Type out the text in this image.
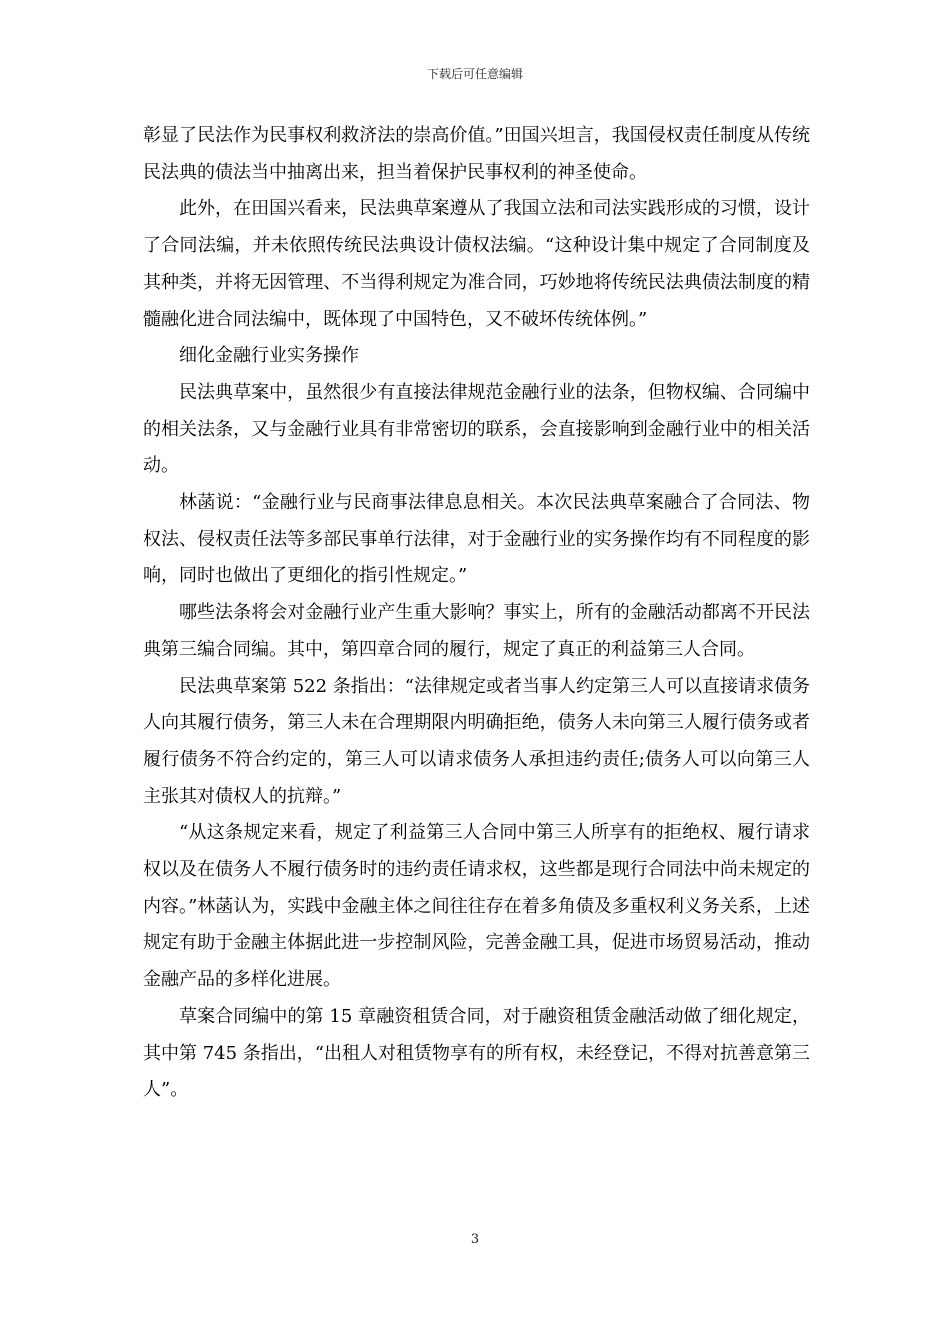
下载后可任意编辑

彰显了民法作为民事权利救济法的崇高价值。”田国兴坦言，我国侵权责任制度从传统民法典的债法当中抽离出来，担当着保护民事权利的神圣使命。

此外，在田国兴看来，民法典草案遵从了我国立法和司法实践形成的习惯，设计了合同法编，并未依照传统民法典设计债权法编。“这种设计集中规定了合同制度及其种类，并将无因管理、不当得利规定为准合同，巧妙地将传统民法典债法制度的精髓融化进合同法编中，既体现了中国特色，又不破坏传统体例。”

细化金融行业实务操作

民法典草案中，虽然很少有直接法律规范金融行业的法条，但物权编、合同编中的相关法条，又与金融行业具有非常密切的联系，会直接影响到金融行业中的相关活动。

林菡说：“金融行业与民商事法律息息相关。本次民法典草案融合了合同法、物权法、侵权责任法等多部民事单行法律，对于金融行业的实务操作均有不同程度的影响，同时也做出了更细化的指引性规定。”

哪些法条将会对金融行业产生重大影响？事实上，所有的金融活动都离不开民法典第三编合同编。其中，第四章合同的履行，规定了真正的利益第三人合同。

民法典草案第 522 条指出：“法律规定或者当事人约定第三人可以直接请求债务人向其履行债务，第三人未在合理期限内明确拒绝，债务人未向第三人履行债务或者履行债务不符合约定的，第三人可以请求债务人承担违约责任;债务人可以向第三人主张其对债权人的抗辩。”

“从这条规定来看，规定了利益第三人合同中第三人所享有的拒绝权、履行请求权以及在债务人不履行债务时的违约责任请求权，这些都是现行合同法中尚未规定的内容。”林菡认为，实践中金融主体之间往往存在着多角债及多重权利义务关系，上述规定有助于金融主体据此进一步控制风险，完善金融工具，促进市场贸易活动，推动金融产品的多样化进展。

草案合同编中的第 15 章融资租赁合同，对于融资租赁金融活动做了细化规定，其中第 745 条指出，“出租人对租赁物享有的所有权，未经登记，不得对抗善意第三人”。

3
